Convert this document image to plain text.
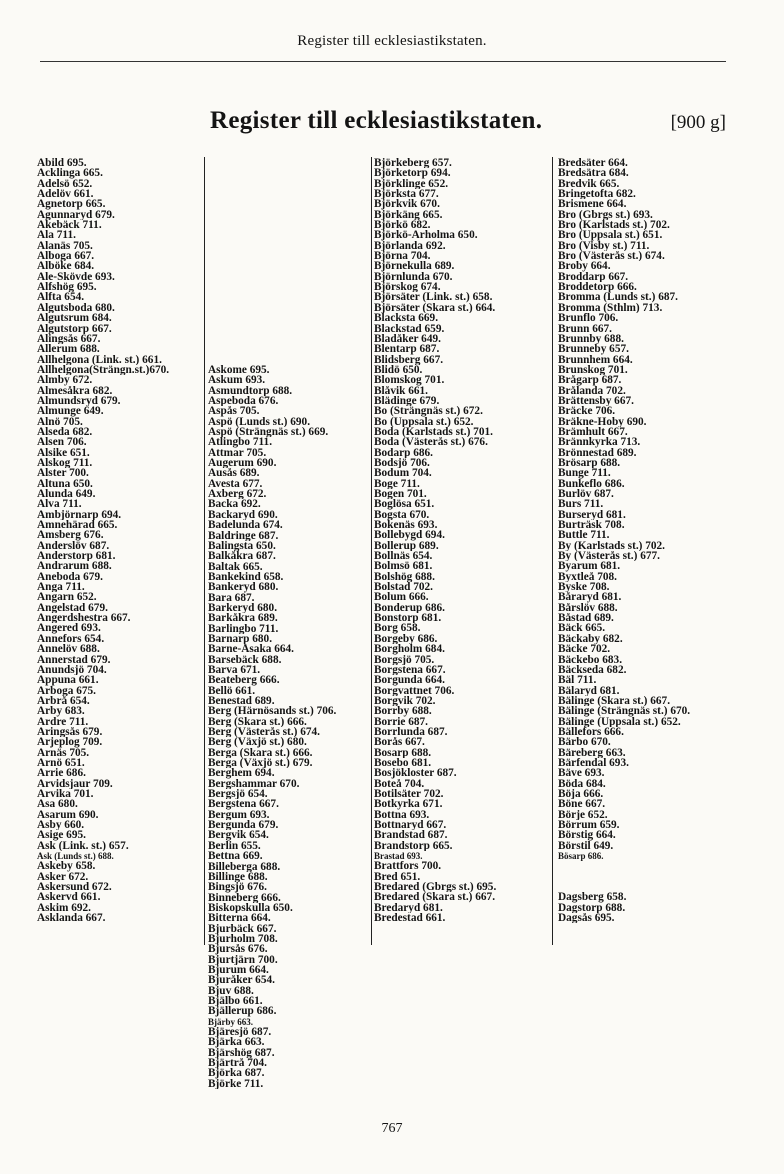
Register till ecklesiastikstaten.
Register till ecklesiastikstaten.	[900 g]
Abild 695.
Acklinga 665.
Adelsö 652.
Adelöv 661.
Agnetorp 665.
Agunnaryd 679.
Akebäck 711.
Ala 711.
Alanäs 705.
Alboga 667.
Alböke 684.
Ale-Skövde 693.
Alfshög 695.
Alfta 654.
Algutsboda 680.
Algutsrum 684.
Algutstorp 667.
Alingsås 667.
Allerum 688.
Allhelgona (Link. st.) 661.
Allhelgona(Strängn.st.)670.
Almby 672.
Almesåkra 682.
Almundsryd 679.
Almunge 649.
Alnö 705.
Alseda 682.
Alsen 706.
Alsike 651.
Alskog 711.
Alster 700.
Altuna 650.
Alunda 649.
Alva 711.
Ambjörnarp 694.
Amnehärad 665.
Amsberg 676.
Anderslöv 687.
Anderstorp 681.
Andrarum 688.
Aneboda 679.
Anga 711.
Angarn 652.
Angelstad 679.
Angerdshestra 667.
Angered 693.
Annefors 654.
Annelöv 688.
Annerstad 679.
Anundsjö 704.
Appuna 661.
Arboga 675.
Arbrå 654.
Arby 683.
Ardre 711.
Aringsås 679.
Arjeplog 709.
Arnäs 705.
Arnö 651.
Arrie 686.
Arvidsjaur 709.
Arvika 701.
Asa 680.
Asarum 690.
Asby 660.
Asige 695.
Ask (Link. st.) 657.
Ask (Lunds st.) 688.
Askeby 658.
Asker 672.
Askersund 672.
Askervd 661.
Askim 692.
Asklanda 667.
Askome 695.
Askum 693.
Asmundtorp 688.
Aspeboda 676.
Aspås 705.
Aspö (Lunds st.) 690.
Aspö (Strängnäs st.) 669.
Atlingbo 711.
Attmar 705.
Augerum 690.
Ausås 689.
Avesta 677.
Axberg 672.
Backa 692.
Backaryd 690.
Badelunda 674.
Baldringe 687.
Balingsta 650.
Balkåkra 687.
Baltak 665.
Bankekind 658.
Bankeryd 680.
Bara 687.
Barkeryd 680.
Barkåkra 689.
Barlingbo 711.
Barnarp 680.
Barne-Åsaka 664.
Barsebäck 688.
Barva 671.
Beateberg 666.
Bellö 661.
Benestad 689.
Berg (Härnösands st.) 706.
Berg (Skara st.) 666.
Berg (Västerås st.) 674.
Berg (Växjö st.) 680.
Berga (Skara st.) 666.
Berga (Växjö st.) 679.
Berghem 694.
Bergshammar 670.
Bergsjö 654.
Bergstena 667.
Bergum 693.
Bergunda 679.
Bergvik 654.
Berlin 655.
Bettna 669.
Billeberga 688.
Billinge 688.
Bingsjö 676.
Binneberg 666.
Biskopskulla 650.
Bitterna 664.
Bjurbäck 667.
Bjurholm 708.
Bjursås 676.
Bjurtjärn 700.
Bjurum 664.
Bjuråker 654.
Bjuv 688.
Bjälbo 661.
Bjällerup 686.
Bjärby 663.
Bjäresjö 687.
Bjärka 663.
Bjärshög 687.
Bjärtrå 704.
Björka 687.
Björke 711.
Björkeberg 657.
Björketorp 694.
Björklinge 652.
Björksta 677.
Björkvik 670.
Björkäng 665.
Björkö 682.
Björkö-Arholma 650.
Björlanda 692.
Björna 704.
Björnekulla 689.
Björnlunda 670.
Björskog 674.
Björsäter (Link. st.) 658.
Björsäter (Skara st.) 664.
Blacksta 669.
Blackstad 659.
Bladåker 649.
Blentarp 687.
Blidsberg 667.
Blidö 650.
Blomskog 701.
Blåvik 661.
Blädinge 679.
Bo (Strängnäs st.) 672.
Bo (Uppsala st.) 652.
Boda (Karlstads st.) 701.
Boda (Västerås st.) 676.
Bodarp 686.
Bodsjö 706.
Bodum 704.
Boge 711.
Bogen 701.
Boglösa 651.
Bogsta 670.
Bokenäs 693.
Bollebygd 694.
Bollerup 689.
Bollnäs 654.
Bolmsö 681.
Bolshög 688.
Bolstad 702.
Bolum 666.
Bonderup 686.
Bonstorp 681.
Borg 658.
Borgeby 686.
Borgholm 684.
Borgsjö 705.
Borgstena 667.
Borgunda 664.
Borgvattnet 706.
Borgvik 702.
Borrby 688.
Borrie 687.
Borrlunda 687.
Borås 667.
Bosarp 688.
Bosebo 681.
Bosjökloster 687.
Boteå 704.
Botilsäter 702.
Botkyrka 671.
Bottna 693.
Bottnaryd 667.
Brandstad 687.
Brandstorp 665.
Brastad 693.
Brattfors 700.
Bred 651.
Bredared (Gbrgs st.) 695.
Bredared (Skara st.) 667.
Bredaryd 681.
Bredestad 661.
Bredsäter 664.
Bredsätra 684.
Bredvik 665.
Bringetofta 682.
Brismene 664.
Bro (Gbrgs st.) 693.
Bro (Karlstads st.) 702.
Bro (Uppsala st.) 651.
Bro (Visby st.) 711.
Bro (Västerås st.) 674.
Broby 664.
Broddarp 667.
Broddetorp 666.
Bromma (Lunds st.) 687.
Bromma (Sthlm) 713.
Brunflo 706.
Brunn 667.
Brunnby 688.
Brunneby 657.
Brunnhem 664.
Brunskog 701.
Brågarp 687.
Brålanda 702.
Brättensby 667.
Bräcke 706.
Bräkne-Hoby 690.
Brämhult 667.
Brännkyrka 713.
Brönnestad 689.
Brösarp 688.
Bunge 711.
Bunkeflo 686.
Burlöv 687.
Burs 711.
Burseryd 681.
Burträsk 708.
Buttle 711.
By (Karlstads st.) 702.
By (Västerås st.) 677.
Byarum 681.
Byxtleå 708.
Byske 708.
Båraryd 681.
Bårslöv 688.
Båstad 689.
Bäck 665.
Bäckaby 682.
Bäcke 702.
Bäckebo 683.
Bäckseda 682.
Bäl 711.
Bälaryd 681.
Bälinge (Skara st.) 667.
Bälinge (Strängnäs st.) 670.
Bälinge (Uppsala st.) 652.
Bällefors 666.
Bärbo 670.
Bäreberg 663.
Bärfendal 693.
Bäve 693.
Böda 684.
Böja 666.
Böne 667.
Börje 652.
Börrum 659.
Börstig 664.
Börstil 649.
Bösarp 686.
Dagsberg 658.
Dagstorp 688.
Dagsås 695.
767
